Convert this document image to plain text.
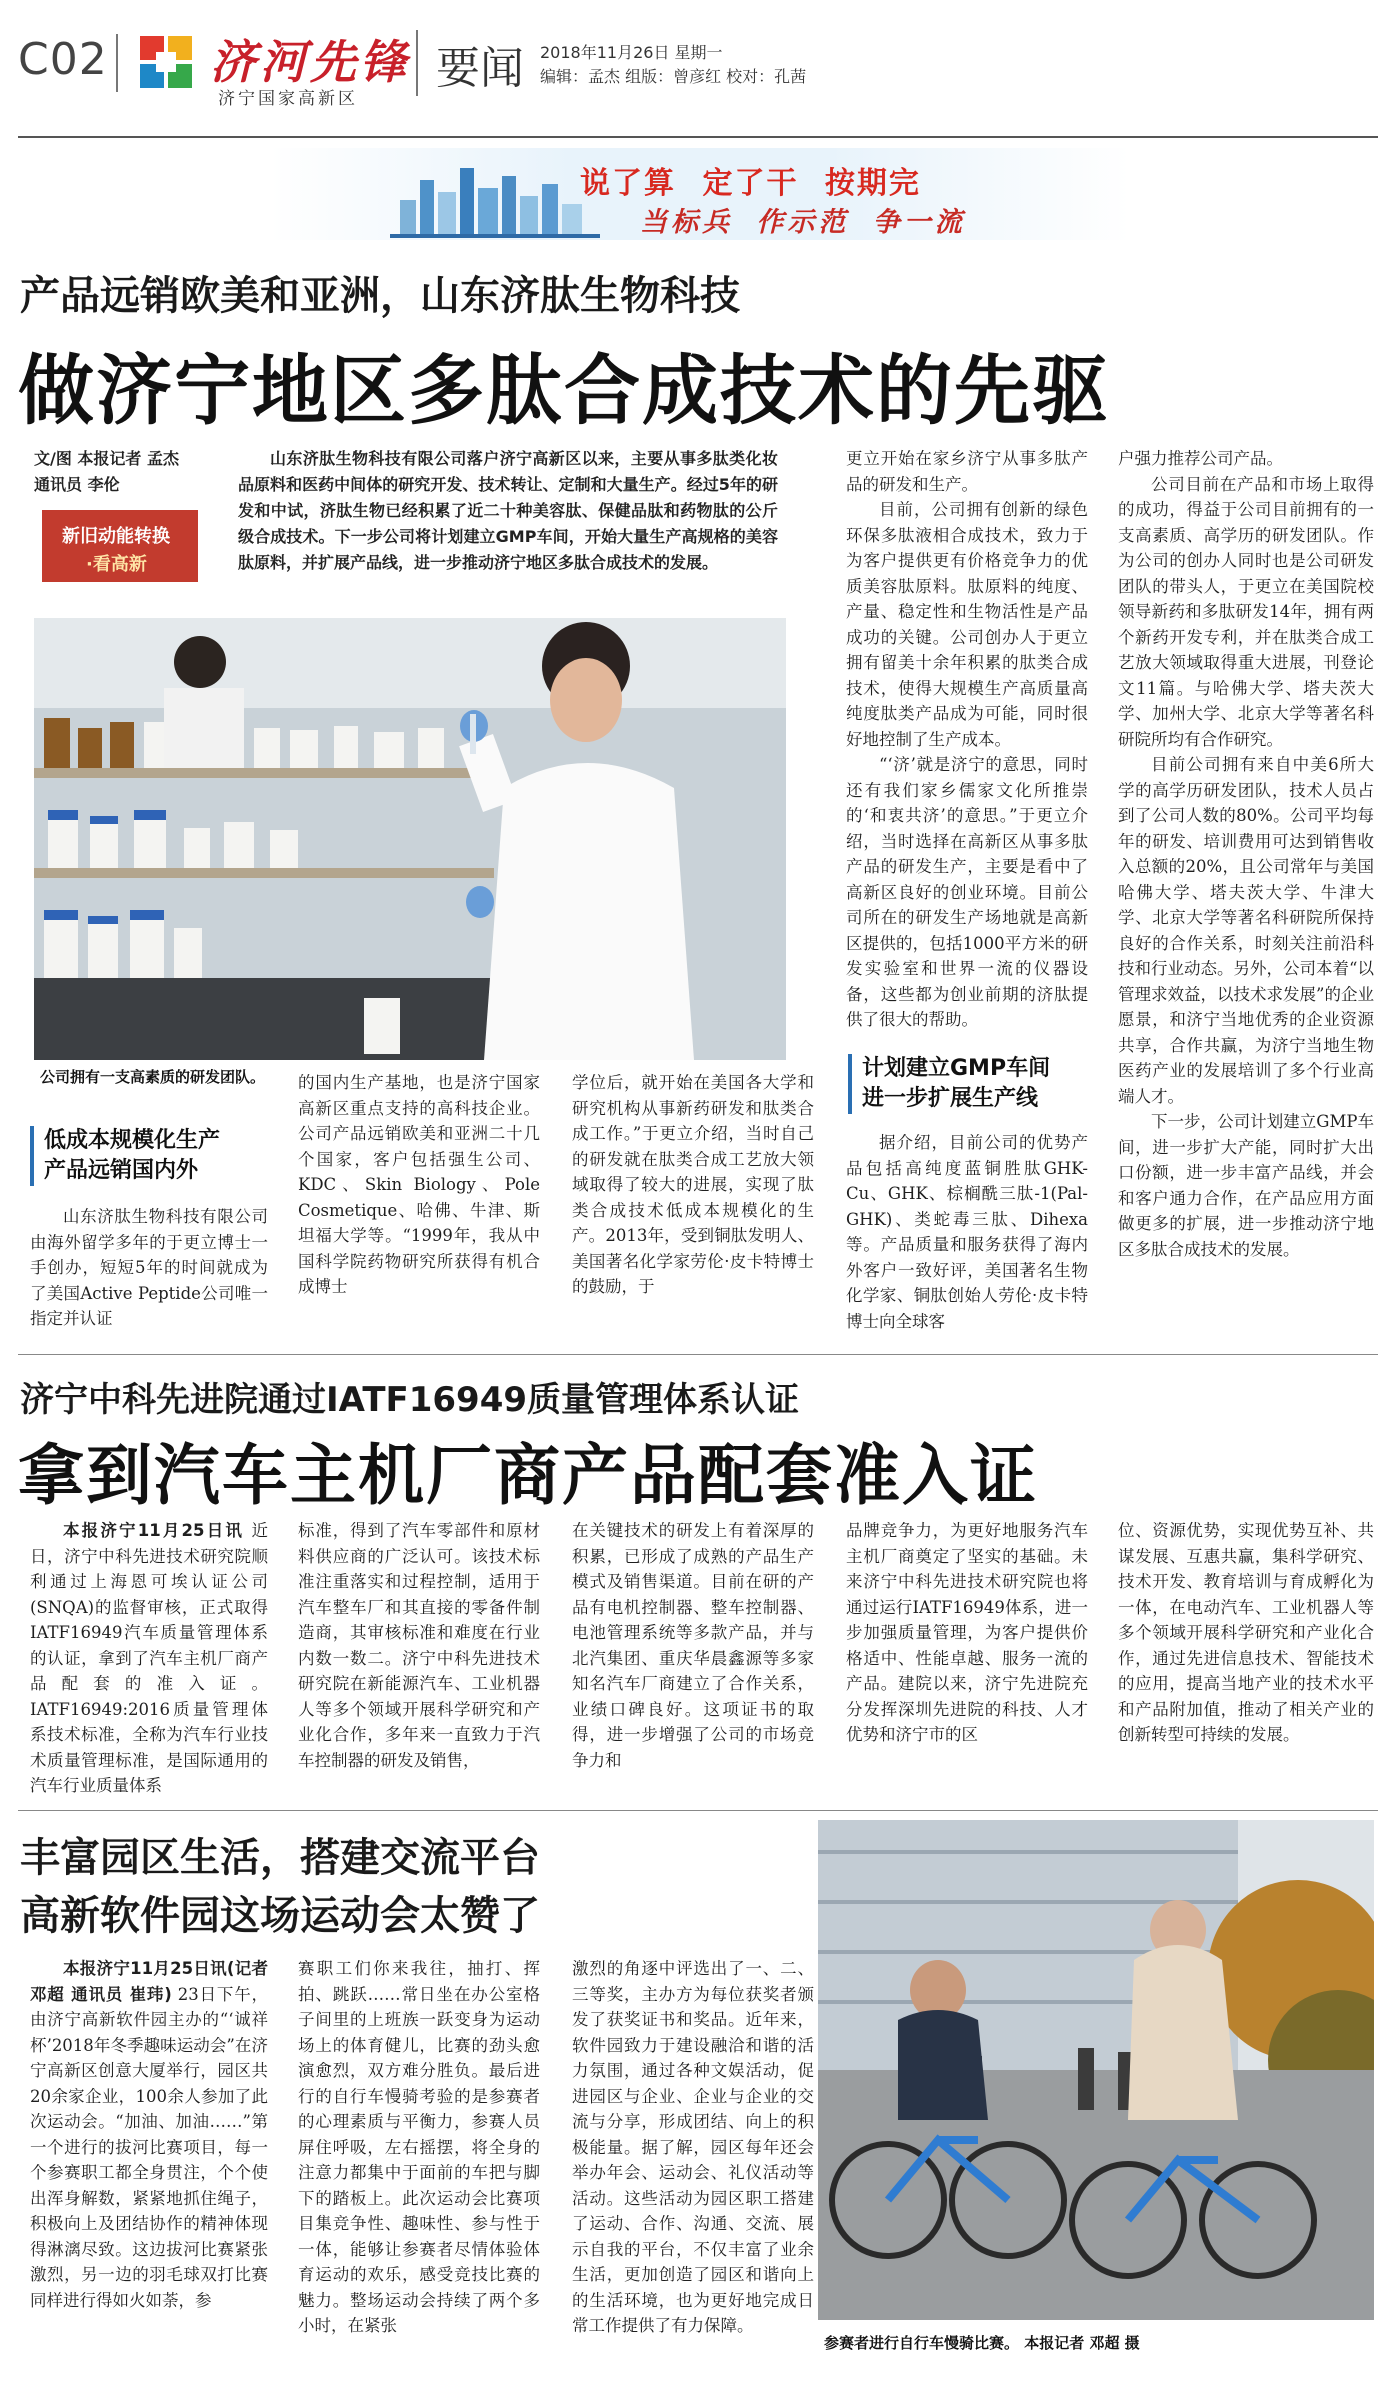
C02 济河先锋
济宁国家高新区
要闻 2018年11月26日 星期一
编辑：孟杰 组版：曾彦红 校对：孔茜
说了算 定了干 按期完
当标兵 作示范 争一流
产品远销欧美和亚洲，山东济肽生物科技
做济宁地区多肽合成技术的先驱
文/图 本报记者 孟杰
通讯员 李伦
新旧动能转换
·看高新
山东济肽生物科技有限公司落户济宁高新区以来，主要从事多肽类化妆品原料和医药中间体的研究开发、技术转让、定制和大量生产。经过5年的研发和中试，济肽生物已经积累了近二十种美容肽、保健品肽和药物肽的公斤级合成技术。下一步公司将计划建立GMP车间，开始大量生产高规格的美容肽原料，并扩展产品线，进一步推动济宁地区多肽合成技术的发展。
公司拥有一支高素质的研发团队。
低成本规模化生产
产品远销国内外
山东济肽生物科技有限公司由海外留学多年的于更立博士一手创办，短短5年的时间就成为了美国Active Peptide公司唯一指定并认证
的国内生产基地，也是济宁国家高新区重点支持的高科技企业。公司产品远销欧美和亚洲二十几个国家，客户包括强生公司、KDC、Skin Biology、Pole Cosmetique、哈佛、牛津、斯坦福大学等。“1999年，我从中国科学院药物研究所获得有机合成博士
学位后，就开始在美国各大学和研究机构从事新药研发和肽类合成工作。”于更立介绍，当时自己的研发就在肽类合成工艺放大领域取得了较大的进展，实现了肽类合成技术低成本规模化的生产。2013年，受到铜肽发明人、美国著名化学家劳伦·皮卡特博士的鼓励，于
更立开始在家乡济宁从事多肽产品的研发和生产。
目前，公司拥有创新的绿色环保多肽液相合成技术，致力于为客户提供更有价格竞争力的优质美容肽原料。肽原料的纯度、产量、稳定性和生物活性是产品成功的关键。公司创办人于更立拥有留美十余年积累的肽类合成技术，使得大规模生产高质量高纯度肽类产品成为可能，同时很好地控制了生产成本。
“‘济’就是济宁的意思，同时还有我们家乡儒家文化所推崇的‘和衷共济’的意思。”于更立介绍，当时选择在高新区从事多肽产品的研发生产，主要是看中了高新区良好的创业环境。目前公司所在的研发生产场地就是高新区提供的，包括1000平方米的研发实验室和世界一流的仪器设备，这些都为创业前期的济肽提供了很大的帮助。
计划建立GMP车间
进一步扩展生产线
据介绍，目前公司的优势产品包括高纯度蓝铜胜肽GHK-Cu、GHK、棕榈酰三肽-1(Pal-GHK)、类蛇毒三肽、Dihexa等。产品质量和服务获得了海内外客户一致好评，美国著名生物化学家、铜肽创始人劳伦·皮卡特博士向全球客
户强力推荐公司产品。
公司目前在产品和市场上取得的成功，得益于公司目前拥有的一支高素质、高学历的研发团队。作为公司的创办人同时也是公司研发团队的带头人，于更立在美国院校领导新药和多肽研发14年，拥有两个新药开发专利，并在肽类合成工艺放大领域取得重大进展，刊登论文11篇。与哈佛大学、塔夫茨大学、加州大学、北京大学等著名科研院所均有合作研究。
目前公司拥有来自中美6所大学的高学历研发团队，技术人员占到了公司人数的80%。公司平均每年的研发、培训费用可达到销售收入总额的20%，且公司常年与美国哈佛大学、塔夫茨大学、牛津大学、北京大学等著名科研院所保持良好的合作关系，时刻关注前沿科技和行业动态。另外，公司本着“以管理求效益，以技术求发展”的企业愿景，和济宁当地优秀的企业资源共享，合作共赢，为济宁当地生物医药产业的发展培训了多个行业高端人才。
下一步，公司计划建立GMP车间，进一步扩大产能，同时扩大出口份额，进一步丰富产品线，并会和客户通力合作，在产品应用方面做更多的扩展，进一步推动济宁地区多肽合成技术的发展。
济宁中科先进院通过IATF16949质量管理体系认证
拿到汽车主机厂商产品配套准入证
本报济宁11月25日讯 近日，济宁中科先进技术研究院顺利通过上海恩可埃认证公司(SNQA)的监督审核，正式取得IATF16949汽车质量管理体系的认证，拿到了汽车主机厂商产品配套的准入证。IATF16949:2016质量管理体系技术标准，全称为汽车行业技术质量管理标准，是国际通用的汽车行业质量体系
标准，得到了汽车零部件和原材料供应商的广泛认可。该技术标准注重落实和过程控制，适用于汽车整车厂和其直接的零备件制造商，其审核标准和难度在行业内数一数二。济宁中科先进技术研究院在新能源汽车、工业机器人等多个领域开展科学研究和产业化合作，多年来一直致力于汽车控制器的研发及销售，
在关键技术的研发上有着深厚的积累，已形成了成熟的产品生产模式及销售渠道。目前在研的产品有电机控制器、整车控制器、电池管理系统等多款产品，并与北汽集团、重庆华晨鑫源等多家知名汽车厂商建立了合作关系，业绩口碑良好。这项证书的取得，进一步增强了公司的市场竞争力和
品牌竞争力，为更好地服务汽车主机厂商奠定了坚实的基础。未来济宁中科先进技术研究院也将通过运行IATF16949体系，进一步加强质量管理，为客户提供价格适中、性能卓越、服务一流的产品。建院以来，济宁先进院充分发挥深圳先进院的科技、人才优势和济宁市的区
位、资源优势，实现优势互补、共谋发展、互惠共赢，集科学研究、技术开发、教育培训与育成孵化为一体，在电动汽车、工业机器人等多个领域开展科学研究和产业化合作，通过先进信息技术、智能技术的应用，提高当地产业的技术水平和产品附加值，推动了相关产业的创新转型可持续的发展。
丰富园区生活，搭建交流平台
高新软件园这场运动会太赞了
本报济宁11月25日讯(记者 邓超 通讯员 崔玮) 23日下午，由济宁高新软件园主办的“‘诚祥杯’2018年冬季趣味运动会”在济宁高新区创意大厦举行，园区共20余家企业，100余人参加了此次运动会。“加油、加油……”第一个进行的拔河比赛项目，每一个参赛职工都全身贯注，个个使出浑身解数，紧紧地抓住绳子，积极向上及团结协作的精神体现得淋漓尽致。这边拔河比赛紧张激烈，另一边的羽毛球双打比赛同样进行得如火如荼，参
赛职工们你来我往，抽打、挥拍、跳跃……常日坐在办公室格子间里的上班族一跃变身为运动场上的体育健儿，比赛的劲头愈演愈烈，双方难分胜负。最后进行的自行车慢骑考验的是参赛者的心理素质与平衡力，参赛人员屏住呼吸，左右摇摆，将全身的注意力都集中于面前的车把与脚下的踏板上。此次运动会比赛项目集竞争性、趣味性、参与性于一体，能够让参赛者尽情体验体育运动的欢乐，感受竞技比赛的魅力。整场运动会持续了两个多小时，在紧张
激烈的角逐中评选出了一、二、三等奖，主办方为每位获奖者颁发了获奖证书和奖品。近年来，软件园致力于建设融洽和谐的活力氛围，通过各种文娱活动，促进园区与企业、企业与企业的交流与分享，形成团结、向上的积极能量。据了解，园区每年还会举办年会、运动会、礼仪活动等活动。这些活动为园区职工搭建了运动、合作、沟通、交流、展示自我的平台，不仅丰富了业余生活，更加创造了园区和谐向上的生活环境，也为更好地完成日常工作提供了有力保障。
参赛者进行自行车慢骑比赛。 本报记者 邓超 摄
